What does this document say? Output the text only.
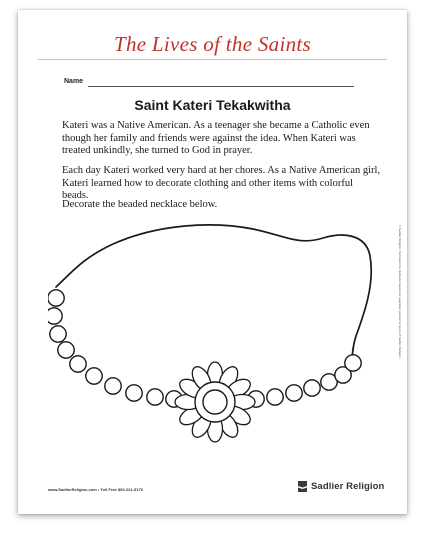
The Lives of the Saints
Name
Saint Kateri Tekakwitha

Kateri was a Native American. As a teenager she became a Catholic even though her family and friends were against the idea. When Kateri was treated unkindly, she turned to God in prayer.

Each day Kateri worked very hard at her chores. As a Native American girl, Kateri learned how to decorate clothing and other items with colorful beads.

Decorate the beaded necklace below.

© Sadlier Religion. Permission to duplicate classroom quantities granted to users of Sadlier Religion.
www.SadlierReligion.com • Toll Free 800-221-5175	Sadlier Religion
